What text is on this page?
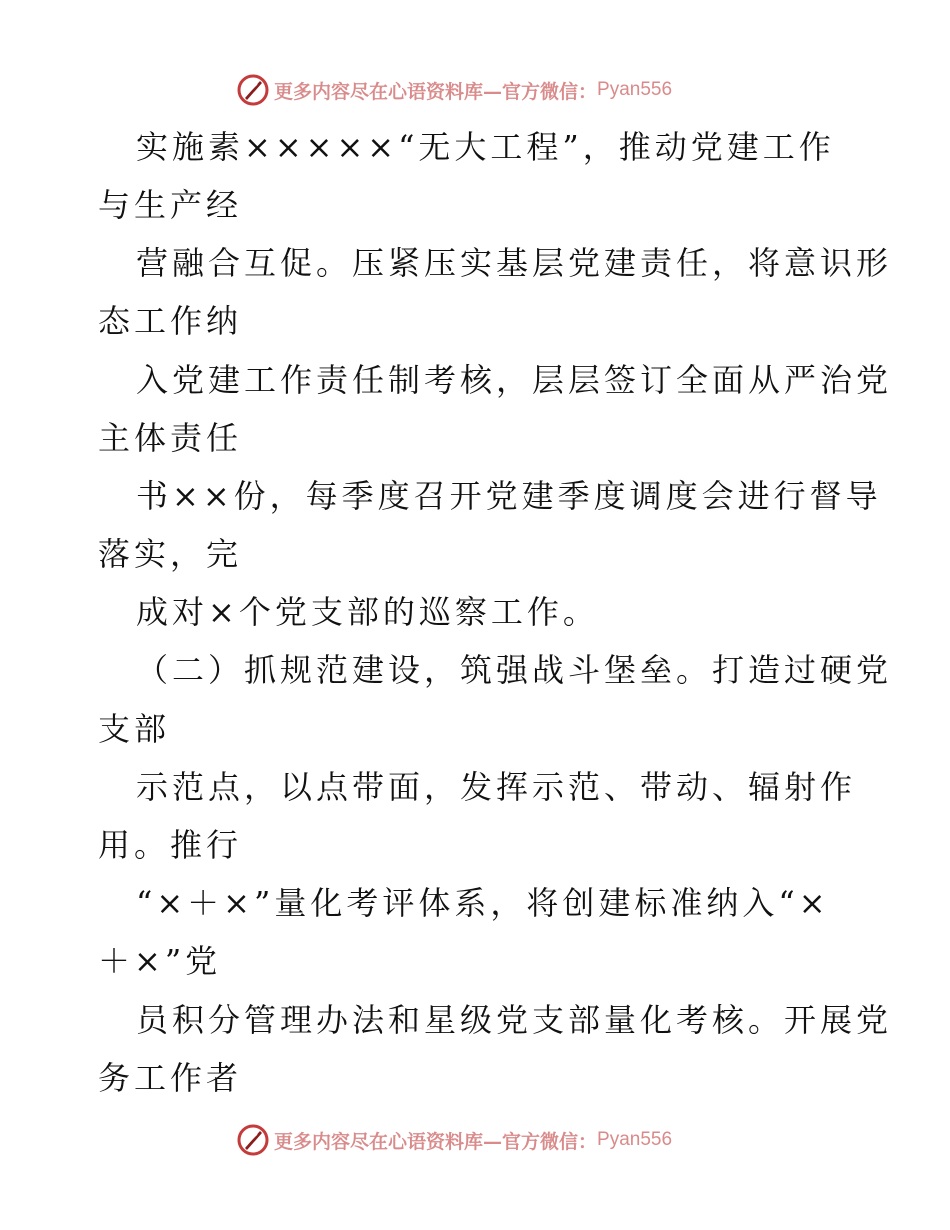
更多内容尽在心语资料库—官方微信： Pyan556
实施素×××××“无大工程”，推动党建工作
与生产经
营融合互促。压紧压实基层党建责任，将意识形
态工作纳
入党建工作责任制考核，层层签订全面从严治党
主体责任
书××份，每季度召开党建季度调度会进行督导
落实，完
成对×个党支部的巡察工作。
（二）抓规范建设，筑强战斗堡垒。打造过硬党
支部
示范点，以点带面，发挥示范、带动、辐射作
用。推行
“×＋×”量化考评体系，将创建标准纳入“×
＋×”党
员积分管理办法和星级党支部量化考核。开展党
务工作者
更多内容尽在心语资料库—官方微信： Pyan556
